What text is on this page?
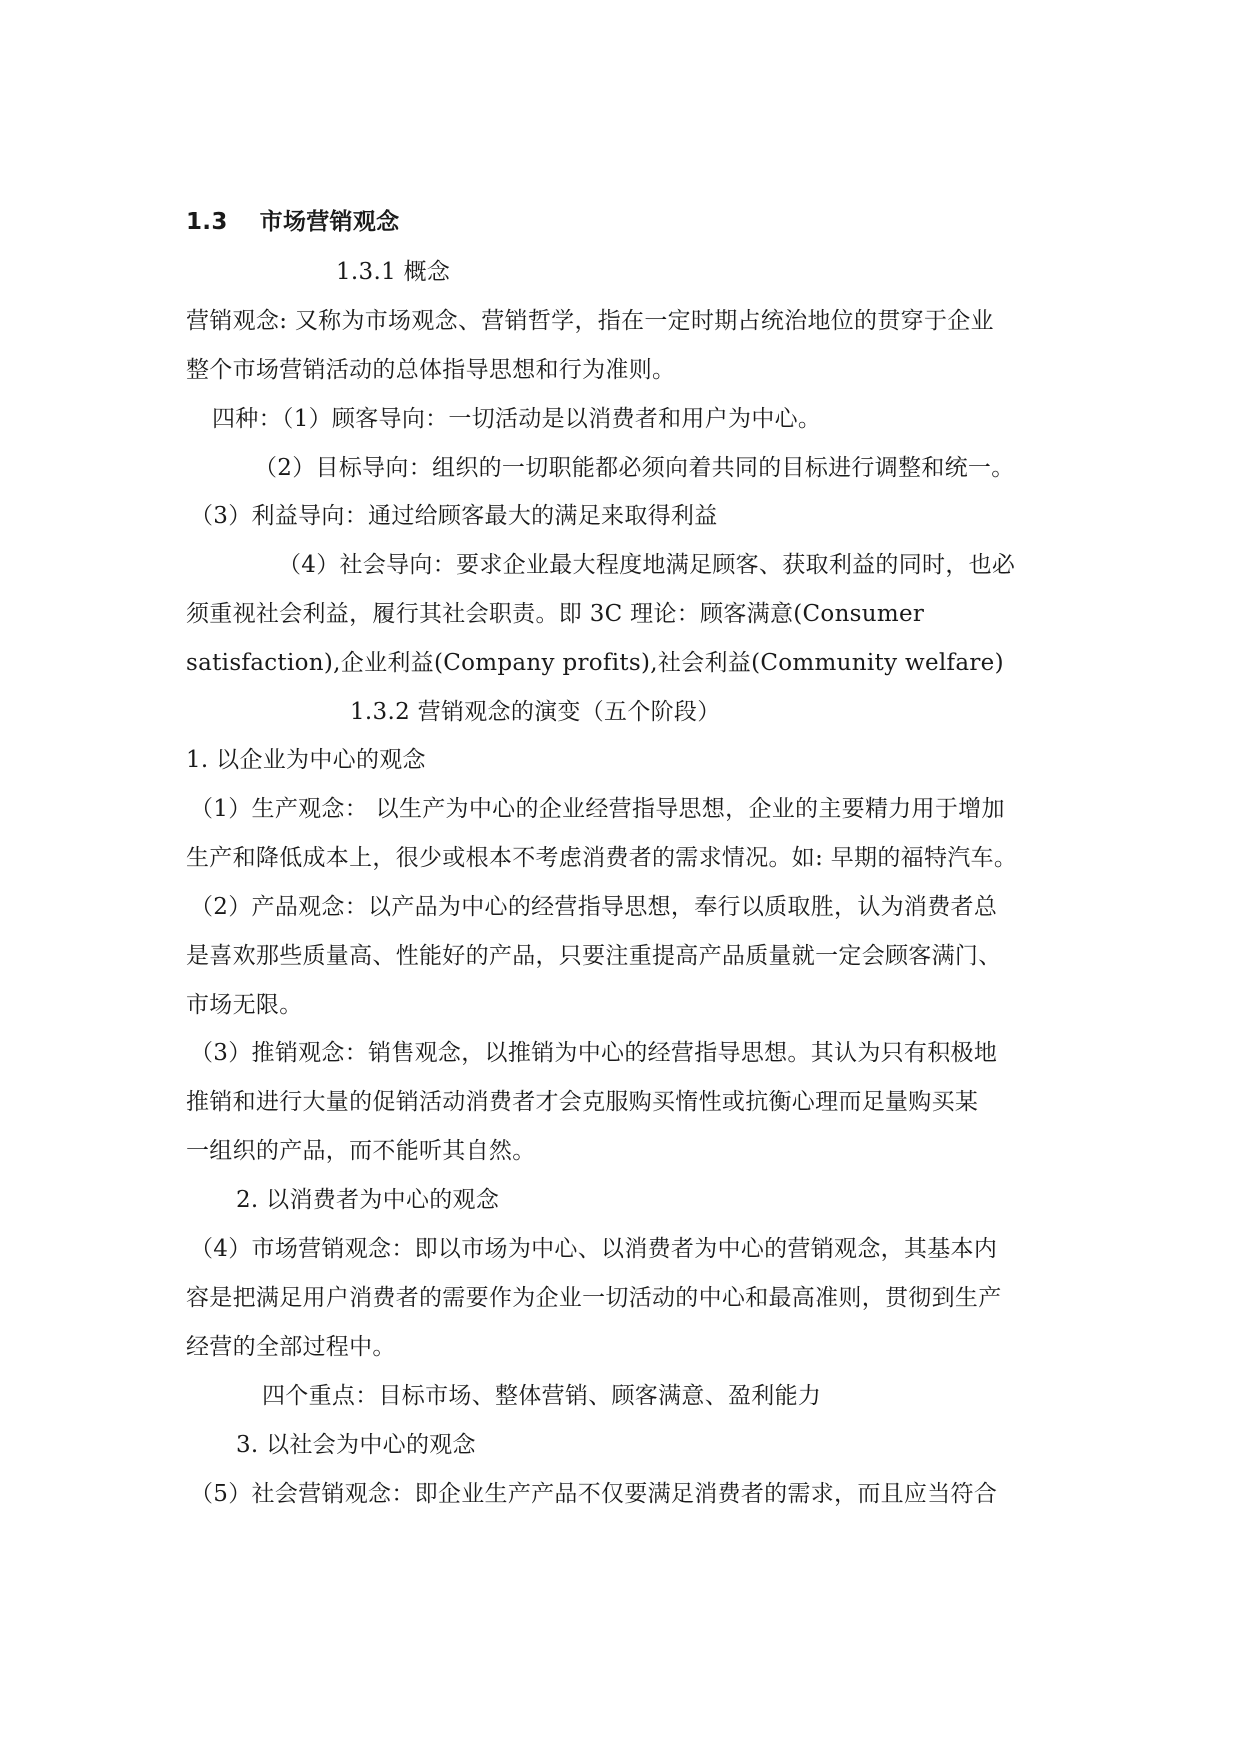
1.3 市场营销观念
1.3.1 概念
营销观念: 又称为市场观念、营销哲学，指在一定时期占统治地位的贯穿于企业
整个市场营销活动的总体指导思想和行为准则。
四种：（1）顾客导向：一切活动是以消费者和用户为中心。
（2）目标导向：组织的一切职能都必须向着共同的目标进行调整和统一。
（3）利益导向：通过给顾客最大的满足来取得利益
（4）社会导向：要求企业最大程度地满足顾客、获取利益的同时，也必
须重视社会利益，履行其社会职责。即 3C 理论：顾客满意(Consumer
satisfaction),企业利益(Company profits),社会利益(Community welfare)
1.3.2 营销观念的演变（五个阶段）
1. 以企业为中心的观念
（1）生产观念： 以生产为中心的企业经营指导思想，企业的主要精力用于增加
生产和降低成本上，很少或根本不考虑消费者的需求情况。如: 早期的福特汽车。
（2）产品观念：以产品为中心的经营指导思想，奉行以质取胜，认为消费者总
是喜欢那些质量高、性能好的产品，只要注重提高产品质量就一定会顾客满门、
市场无限。
（3）推销观念：销售观念，以推销为中心的经营指导思想。其认为只有积极地
推销和进行大量的促销活动消费者才会克服购买惰性或抗衡心理而足量购买某
一组织的产品，而不能听其自然。
2. 以消费者为中心的观念
（4）市场营销观念：即以市场为中心、以消费者为中心的营销观念，其基本内
容是把满足用户消费者的需要作为企业一切活动的中心和最高准则，贯彻到生产
经营的全部过程中。
四个重点：目标市场、整体营销、顾客满意、盈利能力
3. 以社会为中心的观念
（5）社会营销观念：即企业生产产品不仅要满足消费者的需求，而且应当符合
